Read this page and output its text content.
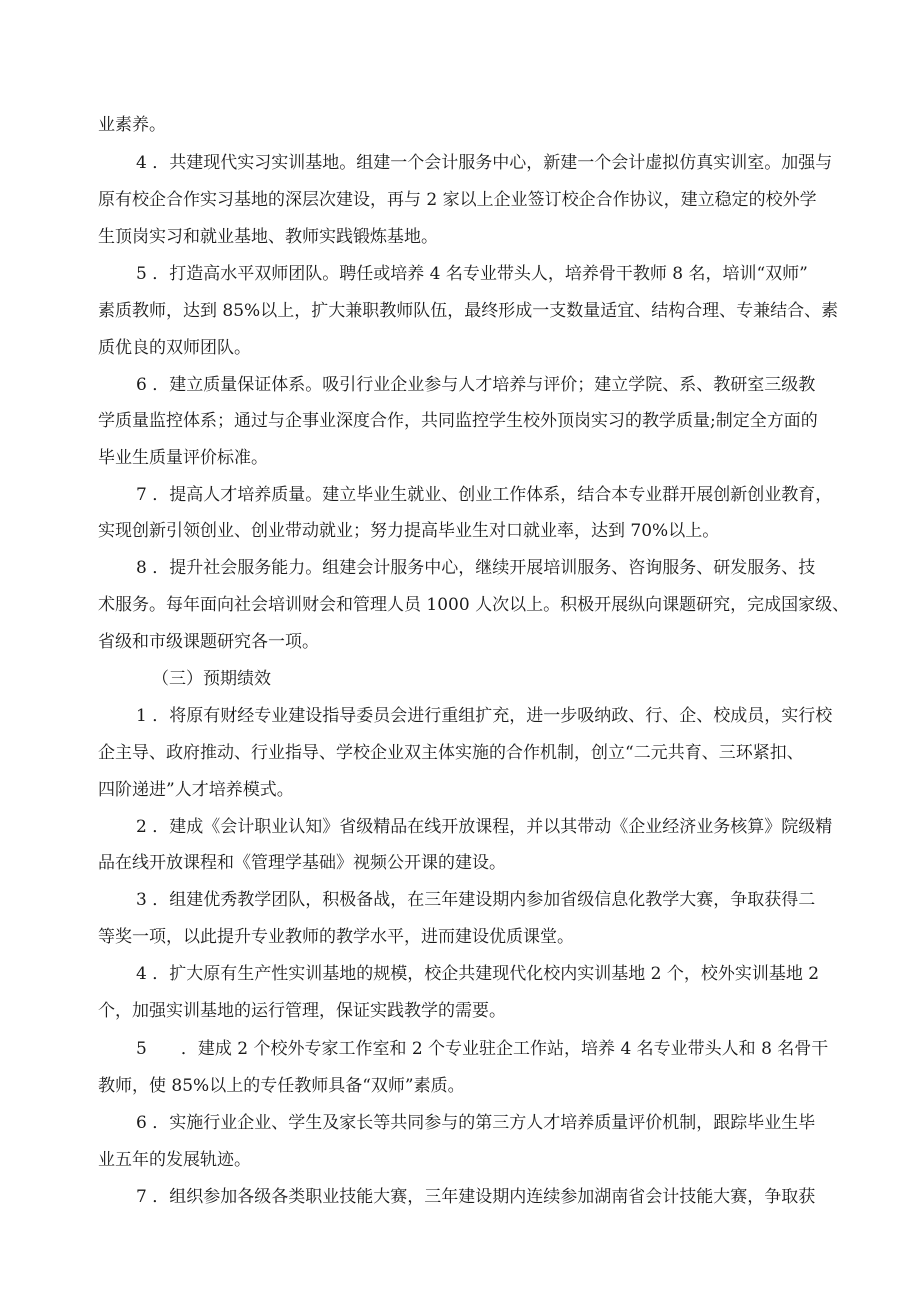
业素养。
4 ．共建现代实习实训基地。组建一个会计服务中心，新建一个会计虚拟仿真实训室。加强与
原有校企合作实习基地的深层次建设，再与 2 家以上企业签订校企合作协议，建立稳定的校外学
生顶岗实习和就业基地、教师实践锻炼基地。
5 ．打造高水平双师团队。聘任或培养 4 名专业带头人，培养骨干教师 8 名，培训“双师”
素质教师，达到 85%以上，扩大兼职教师队伍，最终形成一支数量适宜、结构合理、专兼结合、素
质优良的双师团队。
6 ．建立质量保证体系。吸引行业企业参与人才培养与评价；建立学院、系、教研室三级教
学质量监控体系；通过与企事业深度合作，共同监控学生校外顶岗实习的教学质量;制定全方面的
毕业生质量评价标准。
7 ．提高人才培养质量。建立毕业生就业、创业工作体系，结合本专业群开展创新创业教育，
实现创新引领创业、创业带动就业；努力提高毕业生对口就业率，达到 70%以上。
8 ．提升社会服务能力。组建会计服务中心，继续开展培训服务、咨询服务、研发服务、技
术服务。每年面向社会培训财会和管理人员 1000 人次以上。积极开展纵向课题研究，完成国家级、
省级和市级课题研究各一项。
（三）预期绩效
1 ．将原有财经专业建设指导委员会进行重组扩充，进一步吸纳政、行、企、校成员，实行校
企主导、政府推动、行业指导、学校企业双主体实施的合作机制，创立“二元共育、三环紧扣、
四阶递进”人才培养模式。
2 ．建成《会计职业认知》省级精品在线开放课程，并以其带动《企业经济业务核算》院级精
品在线开放课程和《管理学基础》视频公开课的建设。
3 ．组建优秀教学团队，积极备战，在三年建设期内参加省级信息化教学大赛，争取获得二
等奖一项，以此提升专业教师的教学水平，进而建设优质课堂。
4 ．扩大原有生产性实训基地的规模，校企共建现代化校内实训基地 2 个，校外实训基地 2
个，加强实训基地的运行管理，保证实践教学的需要。
5　　．建成 2 个校外专家工作室和 2 个专业驻企工作站，培养 4 名专业带头人和 8 名骨干
教师，使 85%以上的专任教师具备“双师”素质。
6 ．实施行业企业、学生及家长等共同参与的第三方人才培养质量评价机制，跟踪毕业生毕
业五年的发展轨迹。
7 ．组织参加各级各类职业技能大赛，三年建设期内连续参加湖南省会计技能大赛，争取获
